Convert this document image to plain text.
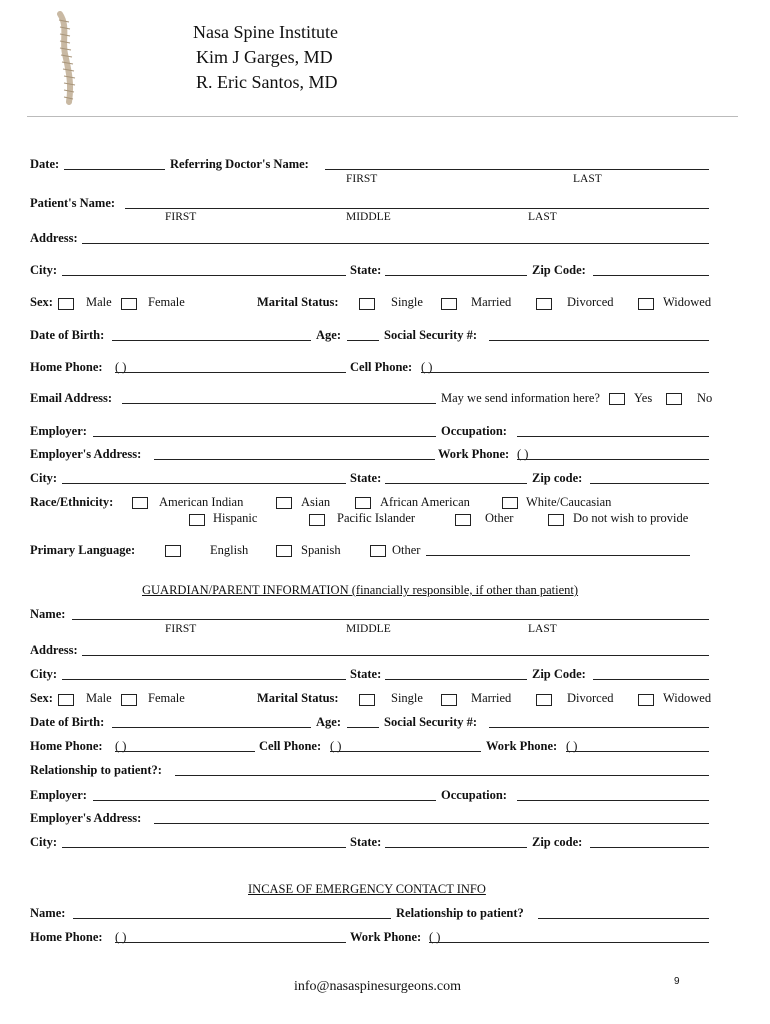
Nasa Spine Institute
Kim J Garges, MD
R. Eric Santos, MD
Date:	Referring Doctor's Name:
FIRST	LAST
Patient's Name:
FIRST	MIDDLE	LAST
Address:
City:	State:	Zip Code:
Sex:	Male	Female	Marital Status:	Single	Married	Divorced	Widowed
Date of Birth:	Age:	Social Security #:
Home Phone: ( )	Cell Phone: ( )
Email Address:	May we send information here?	Yes	No
Employer:	Occupation:
Employer's Address:	Work Phone: ( )
City:	State:	Zip code:
Race/Ethnicity:	American Indian	Asian	African American	White/Caucasian
Hispanic	Pacific Islander	Other	Do not wish to provide
Primary Language:	English	Spanish	Other
GUARDIAN/PARENT INFORMATION (financially responsible, if other than patient)
Name:
FIRST	MIDDLE	LAST
Address:
City:	State:	Zip Code:
Sex:	Male	Female	Marital Status:	Single	Married	Divorced	Widowed
Date of Birth:	Age:	Social Security #:
Home Phone: ( )	Cell Phone: ( )	Work Phone: ( )
Relationship to patient?:
Employer:	Occupation:
Employer's Address:
City:	State:	Zip code:
INCASE OF EMERGENCY CONTACT INFO
Name:	Relationship to patient?
Home Phone: ( )	Work Phone: ( )
info@nasaspinesurgeons.com	9
